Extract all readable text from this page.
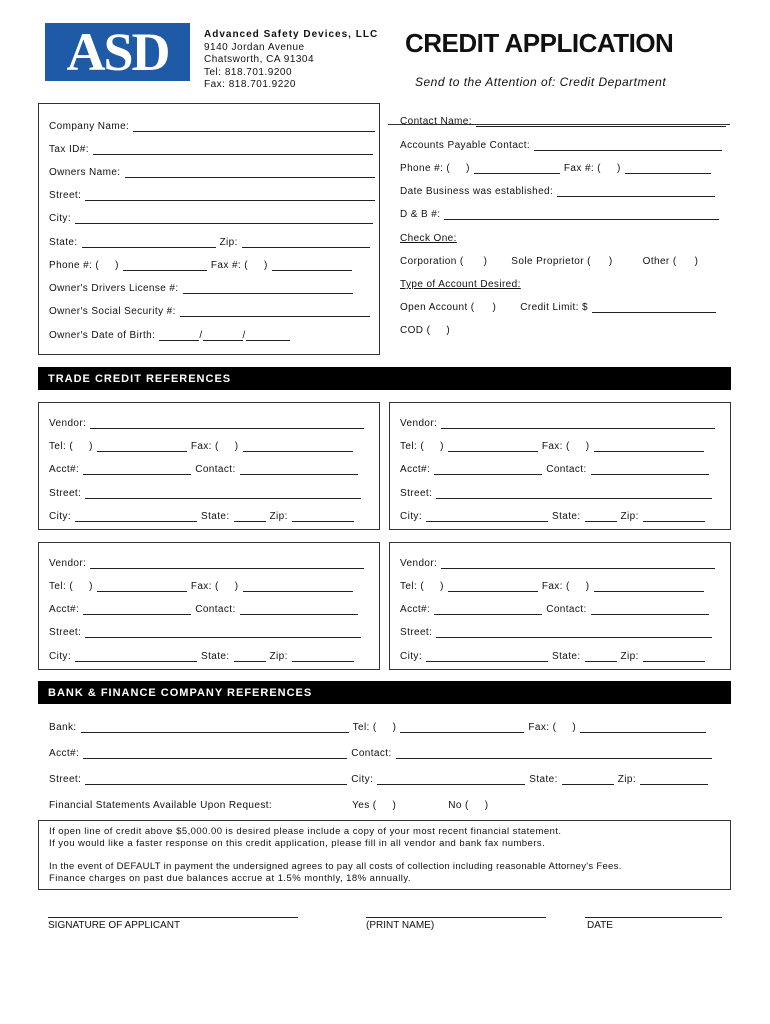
ASD	Advanced Safety Devices, LLC
9140 Jordan Avenue
Chatsworth, CA 91304
Tel: 818.701.9200
Fax: 818.701.9220
CREDIT APPLICATION
Send to the Attention of: Credit Department
Company Name:
Tax ID#:
Owners Name:
Street:
City:
State:	Zip:
Phone #: ( )	Fax #: ( )
Owner's Drivers License #:
Owner's Social Security #:
Owner's Date of Birth:	/	/
Contact Name:
Accounts Payable Contact:
Phone #: ( )	Fax #: ( )
Date Business was established:
D & B #:
Check One:
Corporation ( ) Sole Proprietor ( )	Other ( )
Type of Account Desired:
Open Account ( ) Credit Limit: $
COD ( )
TRADE CREDIT REFERENCES
Vendor:
Tel: ( )	Fax: ( )
Acct#:	Contact:
Street:
City:	State:	Zip:
Vendor:
Tel: ( )	Fax: ( )
Acct#:	Contact:
Street:
City:	State:	Zip:
Vendor:
Tel: ( )	Fax: ( )
Acct#:	Contact:
Street:
City:	State:	Zip:
Vendor:
Tel: ( )	Fax: ( )
Acct#:	Contact:
Street:
City:	State:	Zip:
BANK & FINANCE COMPANY REFERENCES
Bank:	Tel: ( )	Fax: ( )
Acct#:	Contact:
Street:	City:	State:	Zip:
Financial Statements Available Upon Request:	Yes ( )	No ( )
If open line of credit above $5,000.00 is desired please include a copy of your most recent financial statement.
If you would like a faster response on this credit application, please fill in all vendor and bank fax numbers.
In the event of DEFAULT in payment the undersigned agrees to pay all costs of collection including reasonable Attorney's Fees.
Finance charges on past due balances accrue at 1.5% monthly, 18% annually.
SIGNATURE OF APPLICANT	(PRINT NAME)	DATE
